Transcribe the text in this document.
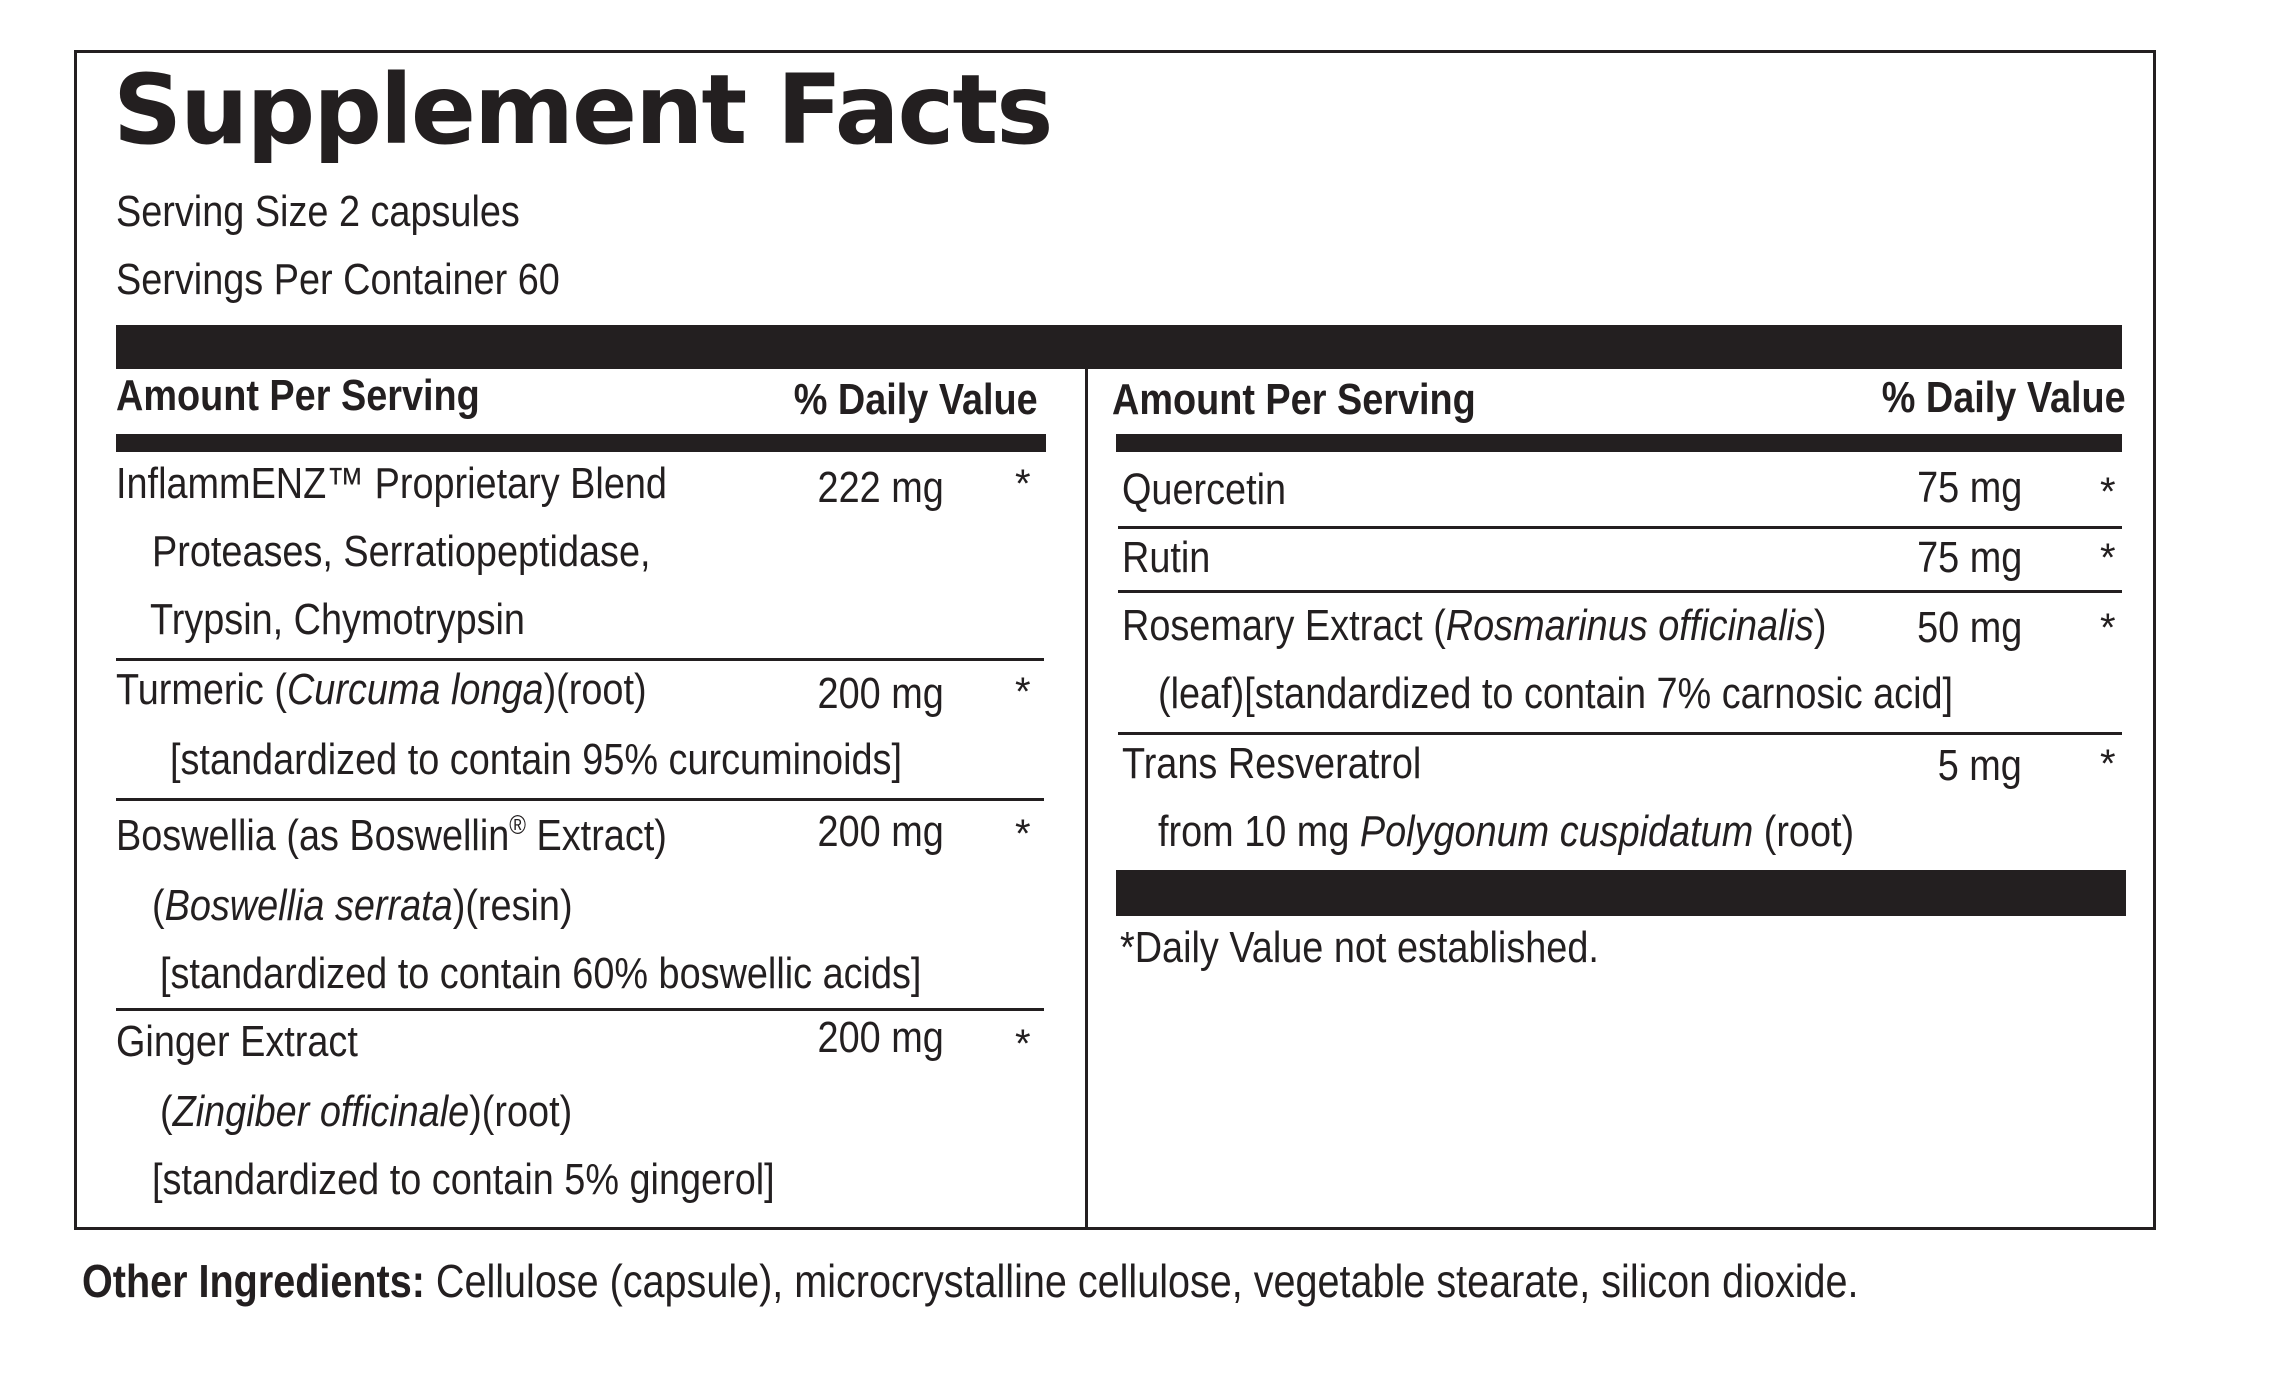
Supplement Facts
Serving Size 2 capsules
Servings Per Container 60
Amount Per Serving	% Daily Value Amount Per Serving	% Daily Value
InflammENZ™ Proprietary Blend	222 mg *
Proteases, Serratiopeptidase,
Trypsin, Chymotrypsin
Turmeric (Curcuma longa)(root)	200 mg *
[standardized to contain 95% curcuminoids]
Boswellia (as Boswellin® Extract)	200 mg *
(Boswellia serrata)(resin)
[standardized to contain 60% boswellic acids]
Ginger Extract	200 mg *
(Zingiber officinale)(root)
[standardized to contain 5% gingerol]
Quercetin	75 mg *
Rutin	75 mg *
Rosemary Extract (Rosmarinus officinalis) 50 mg *
(leaf)[standardized to contain 7% carnosic acid]
Trans Resveratrol	5 mg *
from 10 mg Polygonum cuspidatum (root)
*Daily Value not established.
Other Ingredients: Cellulose (capsule), microcrystalline cellulose, vegetable stearate, silicon dioxide.
